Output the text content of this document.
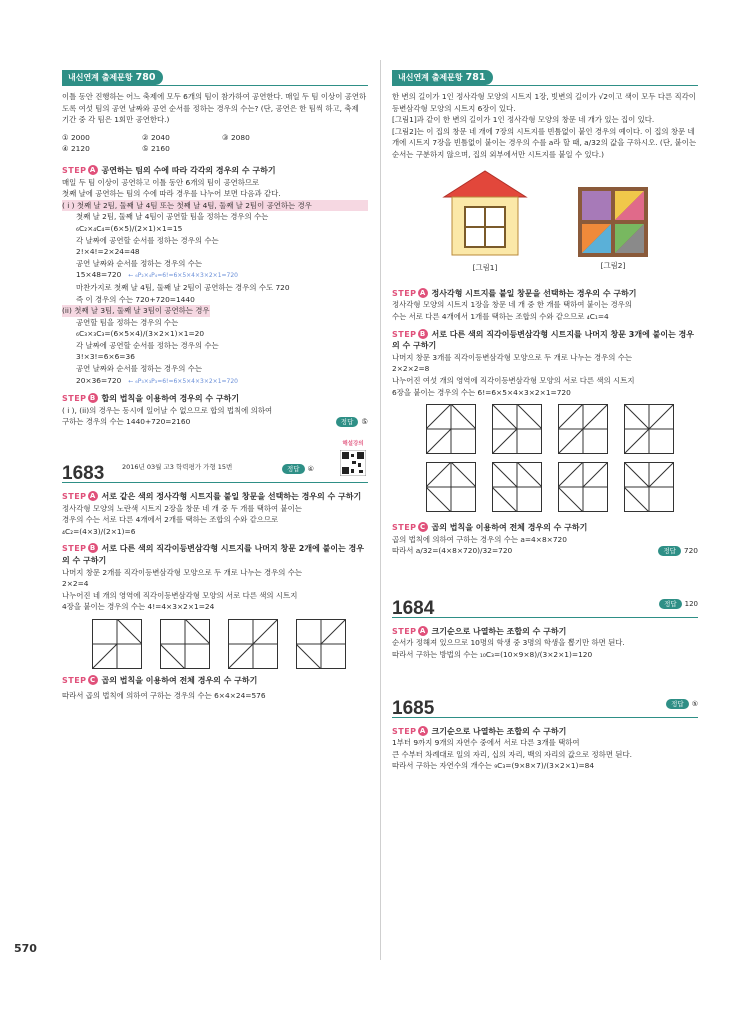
내신연계 출제문항 780

이틀 동안 진행하는 어느 축제에 모두 6개의 팀이 참가하여 공연한다. 매일 두 팀 이상이 공연하도록 여섯 팀의 공연 날짜와 공연 순서를 정하는 경우의 수는? (단, 공연은 한 팀씩 하고, 축제 기간 중 각 팀은 1회만 공연한다.)

① 2000	② 2040	③ 2080
④ 2120	⑤ 2160
STEP A 공연하는 팀의 수에 따라 각각의 경우의 수 구하기

매일 두 팀 이상이 공연하고 이틀 동안 6개의 팀이 공연하므로

첫째 날에 공연하는 팀의 수에 따라 경우를 나누어 보면 다음과 같다.

( i ) 첫째 날 2팀, 둘째 날 4팀 또는 첫째 날 4팀, 둘째 날 2팀이 공연하는 경우

첫째 날 2팀, 둘째 날 4팀이 공연할 팀을 정하는 경우의 수는

₆C₂×₄C₄=(6×5)/(2×1)×1=15

각 날짜에 공연할 순서를 정하는 경우의 수는

2!×4!=2×24=48

공연 날짜와 순서를 정하는 경우의 수는

15×48=720 ← ₆P₂×₄P₄=6!=6×5×4×3×2×1=720

마찬가지로 첫째 날 4팀, 둘째 날 2팀이 공연하는 경우의 수도 720

즉 이 경우의 수는 720+720=1440

(ii) 첫째 날 3팀, 둘째 날 3팀이 공연하는 경우

공연할 팀을 정하는 경우의 수는

₆C₃×₃C₃=(6×5×4)/(3×2×1)×1=20

각 날짜에 공연할 순서를 정하는 경우의 수는

3!×3!=6×6=36

공연 날짜와 순서를 정하는 경우의 수는

20×36=720 ← ₆P₃×₃P₃=6!=6×5×4×3×2×1=720

STEP B 합의 법칙을 이용하여 경우의 수 구하기

( i ), (ii)의 경우는 동시에 일어날 수 없으므로 합의 법칙에 의하여

구하는 경우의 수는 1440+720=2160	정답 ⑤

1683	2016년 03월 고3 학력평가 가형 15번	정답 ④
해설강의
STEP A 서로 같은 색의 정사각형 시트지를 붙일 창문을 선택하는 경우의 수 구하기

정사각형 모양의 노란색 시트지 2장을 창문 네 개 중 두 개를 택하여 붙이는

경우의 수는 서로 다른 4개에서 2개를 택하는 조합의 수와 같으므로

₄C₂=(4×3)/(2×1)=6

STEP B 서로 다른 색의 직각이등변삼각형 시트지를 나머지 창문 2개에 붙이는 경우의 수 구하기

나머지 창문 2개를 직각이등변삼각형 모양으로 두 개로 나누는 경우의 수는

2×2=4

나누어진 네 개의 영역에 직각이등변삼각형 모양의 서로 다른 색의 시트지

4장을 붙이는 경우의 수는 4!=4×3×2×1=24

STEP C 곱의 법칙을 이용하여 전체 경우의 수 구하기

따라서 곱의 법칙에 의하여 구하는 경우의 수는 6×4×24=576

내신연계 출제문항 781

한 변의 길이가 1인 정사각형 모양의 시트지 1장, 빗변의 길이가 √2이고 색이 모두 다른 직각이등변삼각형 모양의 시트지 6장이 있다.

[그림1]과 같이 한 변의 길이가 1인 정사각형 모양의 창문 네 개가 있는 집이 있다.

[그림2]는 이 집의 창문 네 개에 7장의 시트지를 빈틈없이 붙인 경우의 예이다. 이 집의 창문 네 개에 시트지 7장을 빈틈없이 붙이는 경우의 수를 a라 할 때, a/32의 값을 구하시오. (단, 붙이는 순서는 구분하지 않으며, 집의 외부에서만 시트지를 붙일 수 있다.)

[그림1]	[그림2]
STEP A 정사각형 시트지를 붙일 창문을 선택하는 경우의 수 구하기

정사각형 모양의 시트지 1장을 창문 네 개 중 한 개를 택하여 붙이는 경우의

수는 서로 다른 4개에서 1개를 택하는 조합의 수와 같으므로 ₄C₁=4

STEP B 서로 다른 색의 직각이등변삼각형 시트지를 나머지 창문 3개에 붙이는 경우의 수 구하기

나머지 창문 3개를 직각이등변삼각형 모양으로 두 개로 나누는 경우의 수는

2×2×2=8

나누어진 여섯 개의 영역에 직각이등변삼각형 모양의 서로 다른 색의 시트지

6장을 붙이는 경우의 수는 6!=6×5×4×3×2×1=720

STEP C 곱의 법칙을 이용하여 전체 경우의 수 구하기

곱의 법칙에 의하여 구하는 경우의 수는 a=4×8×720

따라서 a/32=(4×8×720)/32=720	정답 720

1684	정답 120
STEP A 크기순으로 나열하는 조합의 수 구하기

순서가 정해져 있으므로 10명의 학생 중 3명의 학생을 뽑기만 하면 된다.

따라서 구하는 방법의 수는 ₁₀C₃=(10×9×8)/(3×2×1)=120

1685	정답 ⑤
STEP A 크기순으로 나열하는 조합의 수 구하기

1부터 9까지 9개의 자연수 중에서 서로 다른 3개를 택하여

큰 수부터 차례대로 일의 자리, 십의 자리, 백의 자리의 값으로 정하면 된다.

따라서 구하는 자연수의 개수는 ₉C₃=(9×8×7)/(3×2×1)=84

570
